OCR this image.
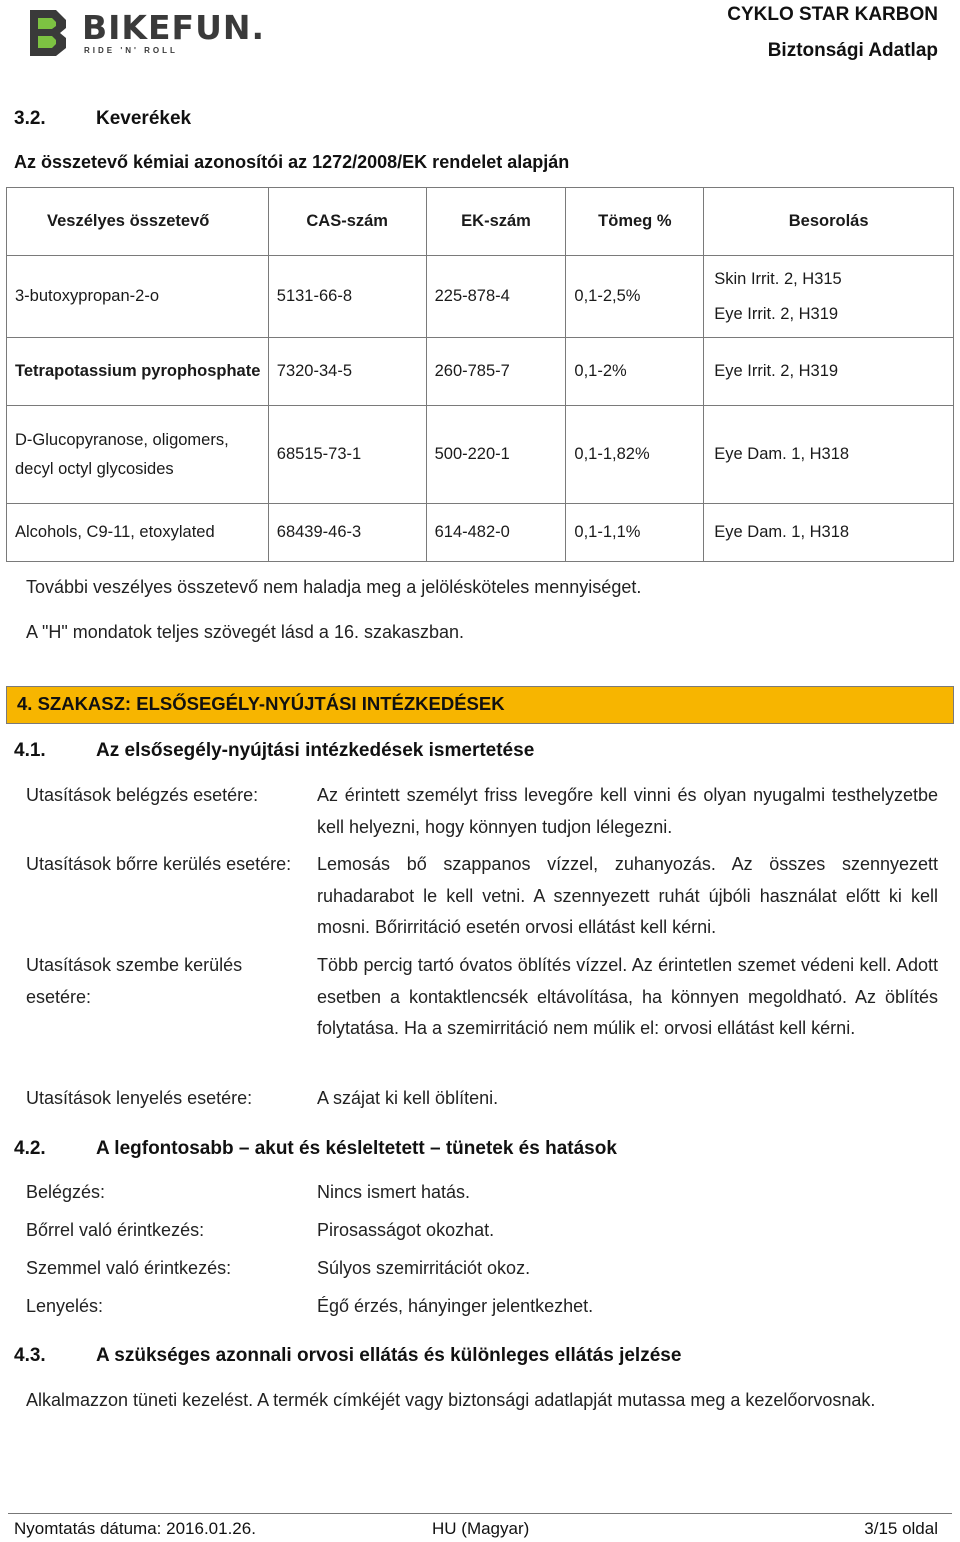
BIKEFUN.
RIDE 'N' ROLL
CYKLO STAR KARBON
Biztonsági Adatlap
3.2.	Keverékek
Az összetevő kémiai azonosítói az 1272/2008/EK rendelet alapján
Veszélyes összetevő	CAS-szám	EK-szám	Tömeg %	Besorolás
3-butoxypropan-2-o	5131-66-8	225-878-4	0,1-2,5%	Skin Irrit. 2, H315
Eye Irrit. 2, H319

Tetrapotassium pyrophosphate	7320-34-5	260-785-7	0,1-2%	Eye Irrit. 2, H319

D-Glucopyranose, oligomers, decyl octyl glycosides	68515-73-1	500-220-1	0,1-1,82%	Eye Dam. 1, H318

Alcohols, C9-11, etoxylated	68439-46-3	614-482-0	0,1-1,1%	Eye Dam. 1, H318
További veszélyes összetevő nem haladja meg a jelölésköteles mennyiséget.
A "H" mondatok teljes szövegét lásd a 16. szakaszban.
4. SZAKASZ: ELSŐSEGÉLY-NYÚJTÁSI INTÉZKEDÉSEK
4.1.	Az elsősegély-nyújtási intézkedések ismertetése
Utasítások belégzés esetére:	Az érintett személyt friss levegőre kell vinni és olyan nyugalmi testhelyzetbe kell helyezni, hogy könnyen tudjon lélegezni.
Utasítások bőrre kerülés esetére: Lemosás bő szappanos vízzel, zuhanyozás. Az összes szennyezett ruhadarabot le kell vetni. A szennyezett ruhát újbóli használat előtt ki kell mosni. Bőrirritáció esetén orvosi ellátást kell kérni.
Utasítások szembe kerülés esetére:
Több percig tartó óvatos öblítés vízzel. Az érintetlen szemet védeni kell. Adott esetben a kontaktlencsék eltávolítása, ha könnyen megoldható. Az öblítés folytatása. Ha a szemirritáció nem múlik el: orvosi ellátást kell kérni.
Utasítások lenyelés esetére:	A szájat ki kell öblíteni.
4.2.	A legfontosabb – akut és késleltetett – tünetek és hatások
Belégzés:	Nincs ismert hatás.
Bőrrel való érintkezés:	Pirosasságot okozhat.
Szemmel való érintkezés:	Súlyos szemirritációt okoz.
Lenyelés:	Égő érzés, hányinger jelentkezhet.
4.3.	A szükséges azonnali orvosi ellátás és különleges ellátás jelzése
Alkalmazzon tüneti kezelést. A termék címkéjét vagy biztonsági adatlapját mutassa meg a kezelőorvosnak.
Nyomtatás dátuma: 2016.01.26.	HU (Magyar)	3/15 oldal
